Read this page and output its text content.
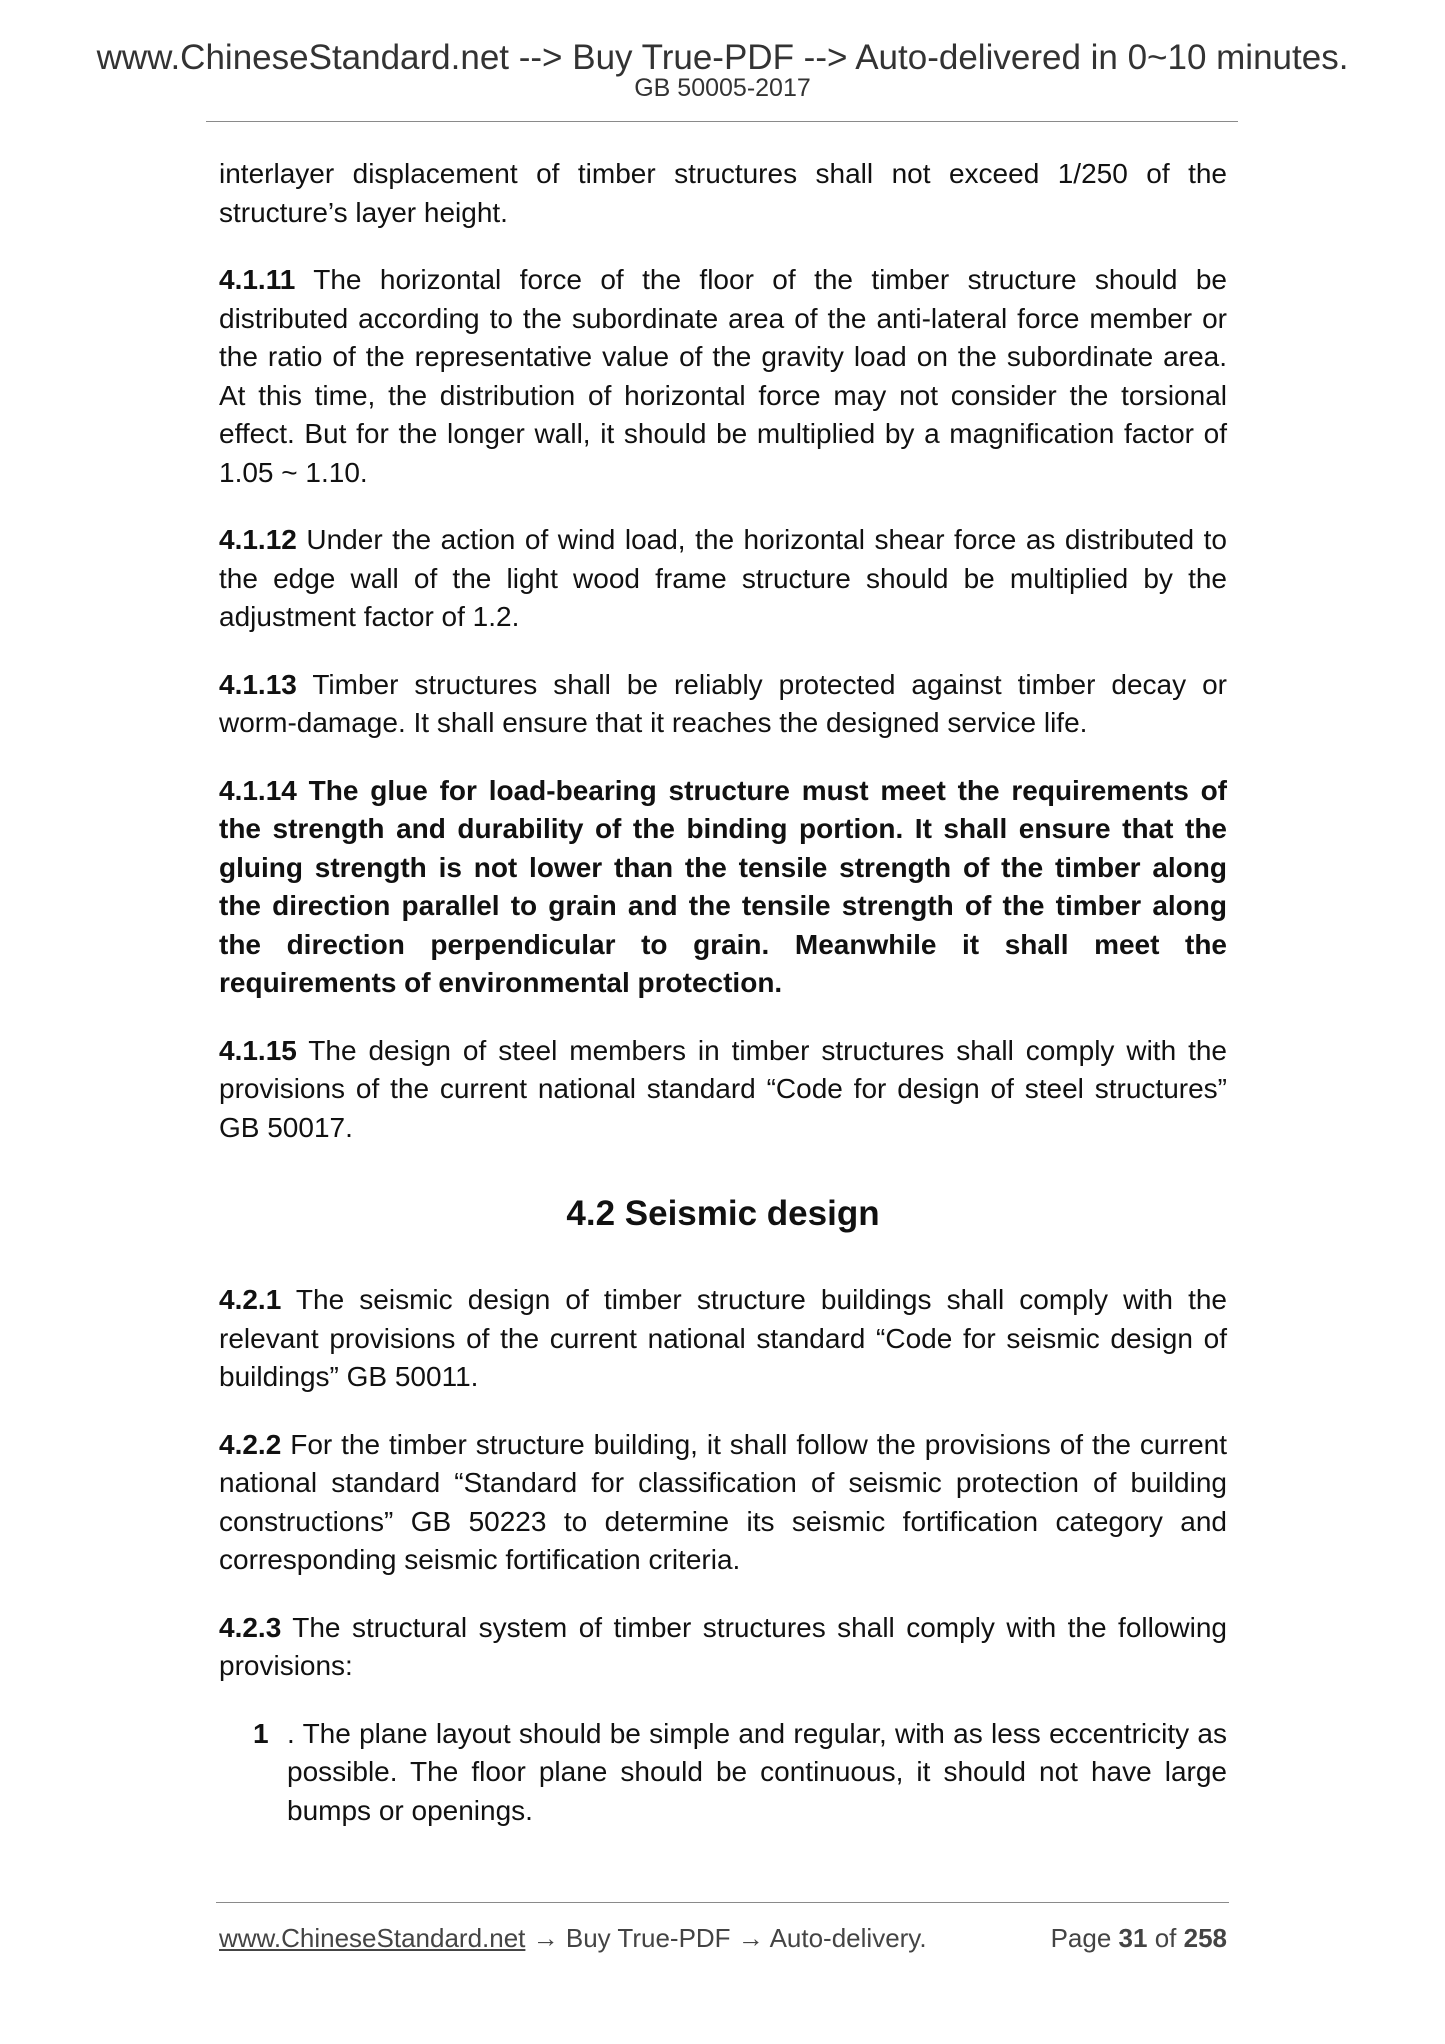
www.ChineseStandard.net --> Buy True-PDF --> Auto-delivered in 0~10 minutes.
GB 50005-2017

interlayer displacement of timber structures shall not exceed 1/250 of the structure’s layer height.

4.1.11 The horizontal force of the floor of the timber structure should be distributed according to the subordinate area of the anti-lateral force member or the ratio of the representative value of the gravity load on the subordinate area. At this time, the distribution of horizontal force may not consider the torsional effect. But for the longer wall, it should be multiplied by a magnification factor of 1.05 ~ 1.10.

4.1.12 Under the action of wind load, the horizontal shear force as distributed to the edge wall of the light wood frame structure should be multiplied by the adjustment factor of 1.2.

4.1.13 Timber structures shall be reliably protected against timber decay or worm-damage. It shall ensure that it reaches the designed service life.

4.1.14 The glue for load-bearing structure must meet the requirements of the strength and durability of the binding portion. It shall ensure that the gluing strength is not lower than the tensile strength of the timber along the direction parallel to grain and the tensile strength of the timber along the direction perpendicular to grain. Meanwhile it shall meet the requirements of environmental protection.

4.1.15 The design of steel members in timber structures shall comply with the provisions of the current national standard “Code for design of steel structures” GB 50017.

4.2 Seismic design

4.2.1 The seismic design of timber structure buildings shall comply with the relevant provisions of the current national standard “Code for seismic design of buildings” GB 50011.

4.2.2 For the timber structure building, it shall follow the provisions of the current national standard “Standard for classification of seismic protection of building constructions” GB 50223 to determine its seismic fortification category and corresponding seismic fortification criteria.

4.2.3 The structural system of timber structures shall comply with the following provisions:

1 . The plane layout should be simple and regular, with as less eccentricity as possible. The floor plane should be continuous, it should not have large bumps or openings.
www.ChineseStandard.net → Buy True-PDF → Auto-delivery.	Page 31 of 258
